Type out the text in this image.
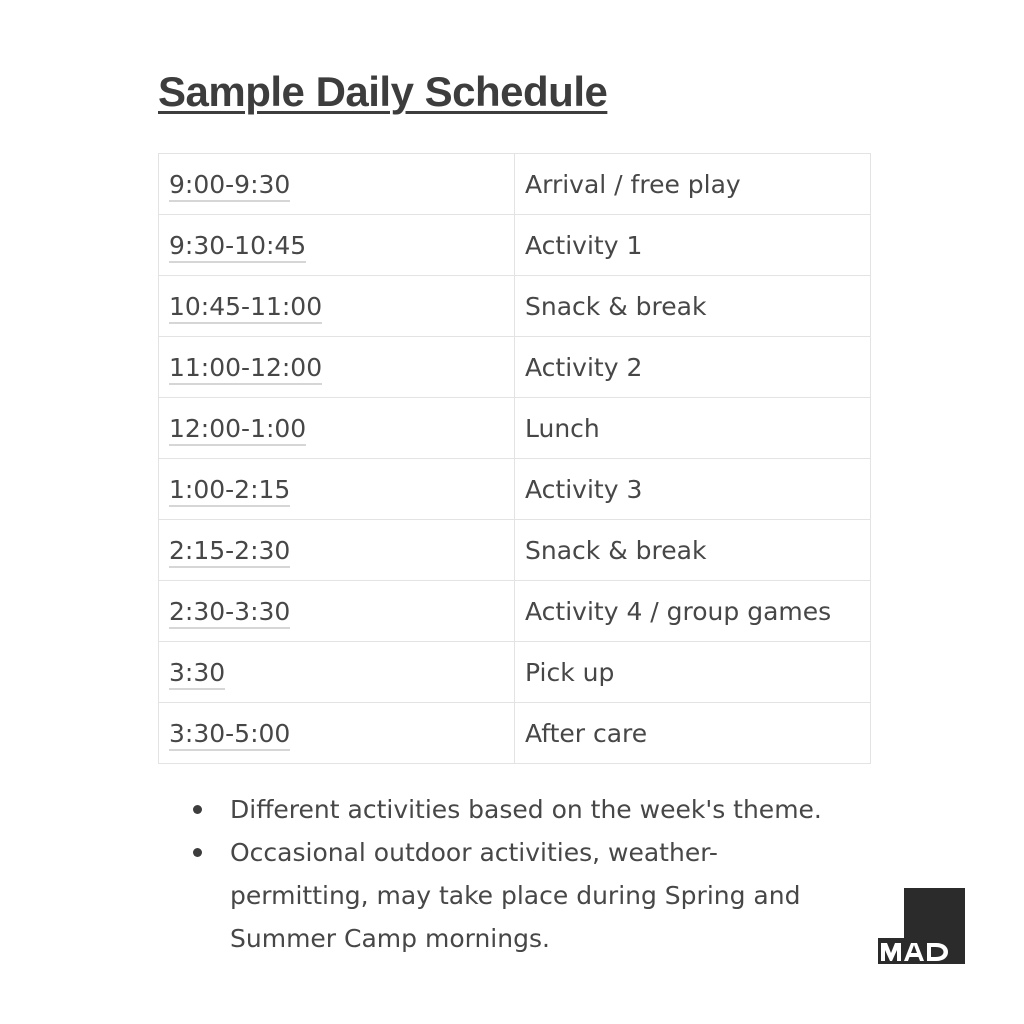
Sample Daily Schedule
9:00-9:30	Arrival / free play
9:30-10:45	Activity 1
10:45-11:00	Snack & break
11:00-12:00	Activity 2
12:00-1:00	Lunch
1:00-2:15	Activity 3
2:15-2:30	Snack & break
2:30-3:30	Activity 4 / group games
3:30	Pick up
3:30-5:00	After care
Different activities based on the week's theme.
Occasional outdoor activities, weather-permitting, may take place during Spring and Summer Camp mornings.
